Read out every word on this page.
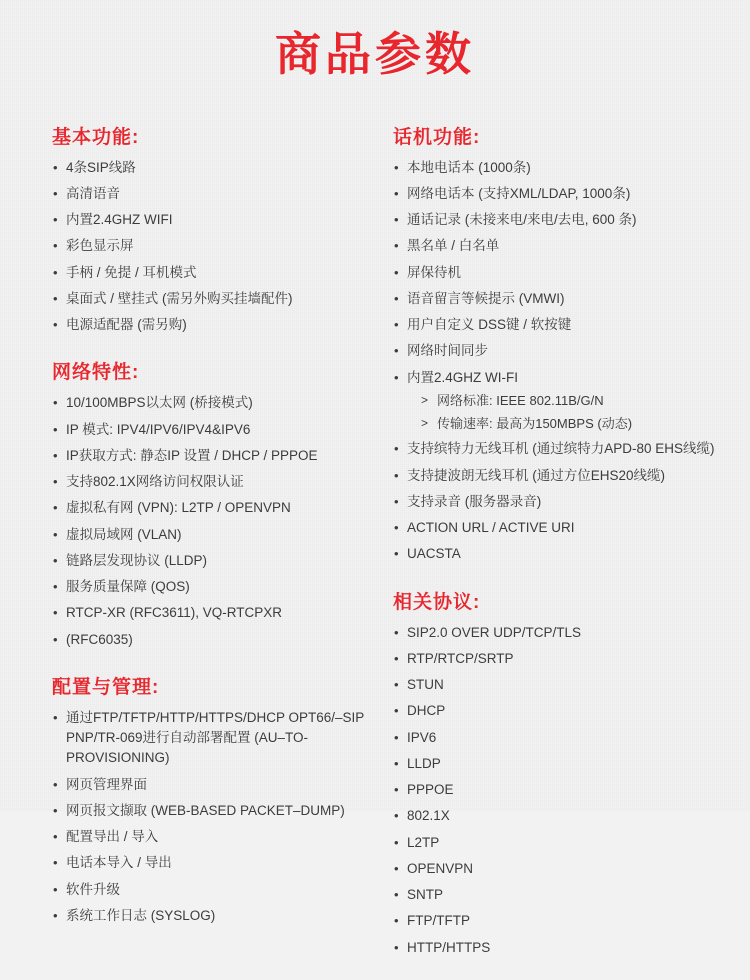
商品参数
基本功能:
• 4条SIP线路
• 高清语音
• 内置2.4GHZ WIFI
• 彩色显示屏
• 手柄 / 免提 / 耳机模式
• 桌面式 / 壁挂式 (需另外购买挂墙配件)
• 电源适配器 (需另购)
网络特性:
• 10/100MBPS以太网 (桥接模式)
• IP 模式: IPV4/IPV6/IPV4&IPV6
• IP获取方式: 静态IP 设置 / DHCP / PPPOE
• 支持802.1X网络访问权限认证
• 虚拟私有网 (VPN): L2TP / OPENVPN
• 虚拟局域网 (VLAN)
• 链路层发现协议 (LLDP)
• 服务质量保障 (QOS)
• RTCP-XR (RFC3611), VQ-RTCPXR
• (RFC6035)
配置与管理:
• 通过FTP/TFTP/HTTP/HTTPS/DHCP OPT66/–SIP PNP/TR-069进行自动部署配置 (AU–TO-PROVISIONING)
• 网页管理界面
• 网页报文撷取 (WEB-BASED PACKET–DUMP)
• 配置导出 / 导入
• 电话本导入 / 导出
• 软件升级
• 系统工作日志 (SYSLOG)
话机功能:
• 本地电话本 (1000条)
• 网络电话本 (支持XML/LDAP, 1000条)
• 通话记录 (未接来电/来电/去电, 600 条)
• 黑名单 / 白名单
• 屏保待机
• 语音留言等候提示 (VMWI)
• 用户自定义 DSS键 / 软按键
• 网络时间同步
• 内置2.4GHZ WI-FI
> 网络标准: IEEE 802.11B/G/N
> 传输速率: 最高为150MBPS (动态)
• 支持缤特力无线耳机 (通过缤特力APD-80 EHS线缆)
• 支持捷波朗无线耳机 (通过方位EHS20线缆)
• 支持录音 (服务器录音)
• ACTION URL / ACTIVE URI
• UACSTA
相关协议:
• SIP2.0 OVER UDP/TCP/TLS
• RTP/RTCP/SRTP
• STUN
• DHCP
• IPV6
• LLDP
• PPPOE
• 802.1X
• L2TP
• OPENVPN
• SNTP
• FTP/TFTP
• HTTP/HTTPS
